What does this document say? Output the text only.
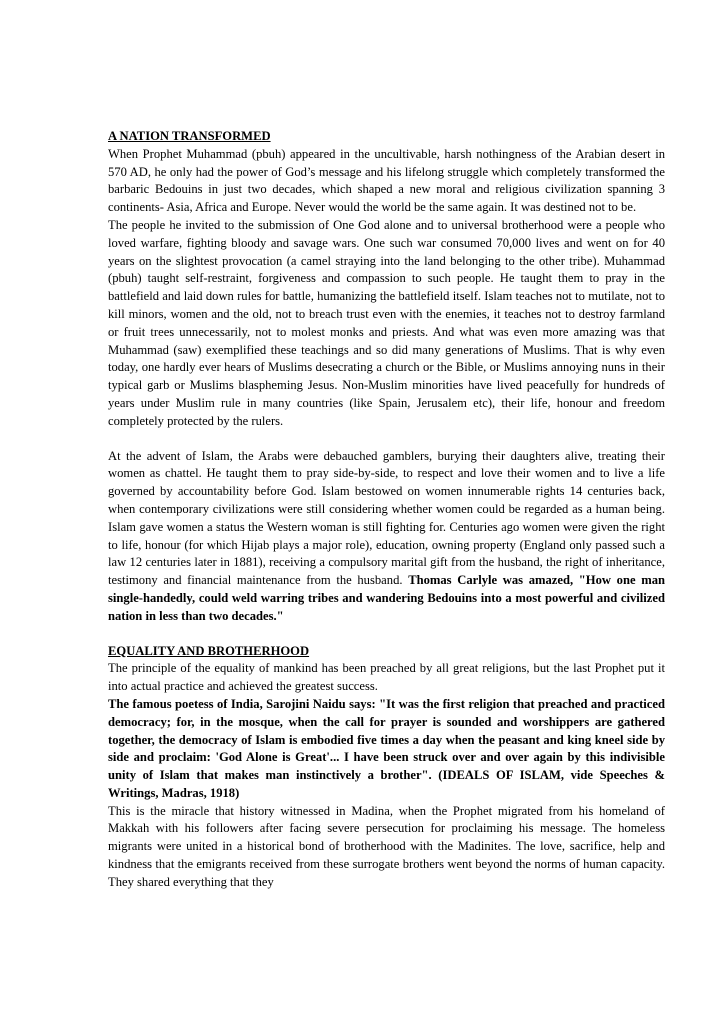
A NATION TRANSFORMED

When Prophet Muhammad (pbuh) appeared in the uncultivable, harsh nothingness of the Arabian desert in 570 AD, he only had the power of God’s message and his lifelong struggle which completely transformed the barbaric Bedouins in just two decades, which shaped a new moral and religious civilization spanning 3 continents- Asia, Africa and Europe. Never would the world be the same again. It was destined not to be.

The people he invited to the submission of One God alone and to universal brotherhood were a people who loved warfare, fighting bloody and savage wars. One such war consumed 70,000 lives and went on for 40 years on the slightest provocation (a camel straying into the land belonging to the other tribe). Muhammad (pbuh) taught self-restraint, forgiveness and compassion to such people. He taught them to pray in the battlefield and laid down rules for battle, humanizing the battlefield itself. Islam teaches not to mutilate, not to kill minors, women and the old, not to breach trust even with the enemies, it teaches not to destroy farmland or fruit trees unnecessarily, not to molest monks and priests. And what was even more amazing was that Muhammad (saw) exemplified these teachings and so did many generations of Muslims. That is why even today, one hardly ever hears of Muslims desecrating a church or the Bible, or Muslims annoying nuns in their typical garb or Muslims blaspheming Jesus. Non-Muslim minorities have lived peacefully for hundreds of years under Muslim rule in many countries (like Spain, Jerusalem etc), their life, honour and freedom completely protected by the rulers.

At the advent of Islam, the Arabs were debauched gamblers, burying their daughters alive, treating their women as chattel. He taught them to pray side-by-side, to respect and love their women and to live a life governed by accountability before God. Islam bestowed on women innumerable rights 14 centuries back, when contemporary civilizations were still considering whether women could be regarded as a human being. Islam gave women a status the Western woman is still fighting for. Centuries ago women were given the right to life, honour (for which Hijab plays a major role), education, owning property (England only passed such a law 12 centuries later in 1881), receiving a compulsory marital gift from the husband, the right of inheritance, testimony and financial maintenance from the husband. Thomas Carlyle was amazed, "How one man single-handedly, could weld warring tribes and wandering Bedouins into a most powerful and civilized nation in less than two decades."

EQUALITY AND BROTHERHOOD

The principle of the equality of mankind has been preached by all great religions, but the last Prophet put it into actual practice and achieved the greatest success.

The famous poetess of India, Sarojini Naidu says: "It was the first religion that preached and practiced democracy; for, in the mosque, when the call for prayer is sounded and worshippers are gathered together, the democracy of Islam is embodied five times a day when the peasant and king kneel side by side and proclaim: 'God Alone is Great'... I have been struck over and over again by this indivisible unity of Islam that makes man instinctively a brother". (IDEALS OF ISLAM, vide Speeches & Writings, Madras, 1918)

This is the miracle that history witnessed in Madina, when the Prophet migrated from his homeland of Makkah with his followers after facing severe persecution for proclaiming his message. The homeless migrants were united in a historical bond of brotherhood with the Madinites. The love, sacrifice, help and kindness that the emigrants received from these surrogate brothers went beyond the norms of human capacity. They shared everything that they
